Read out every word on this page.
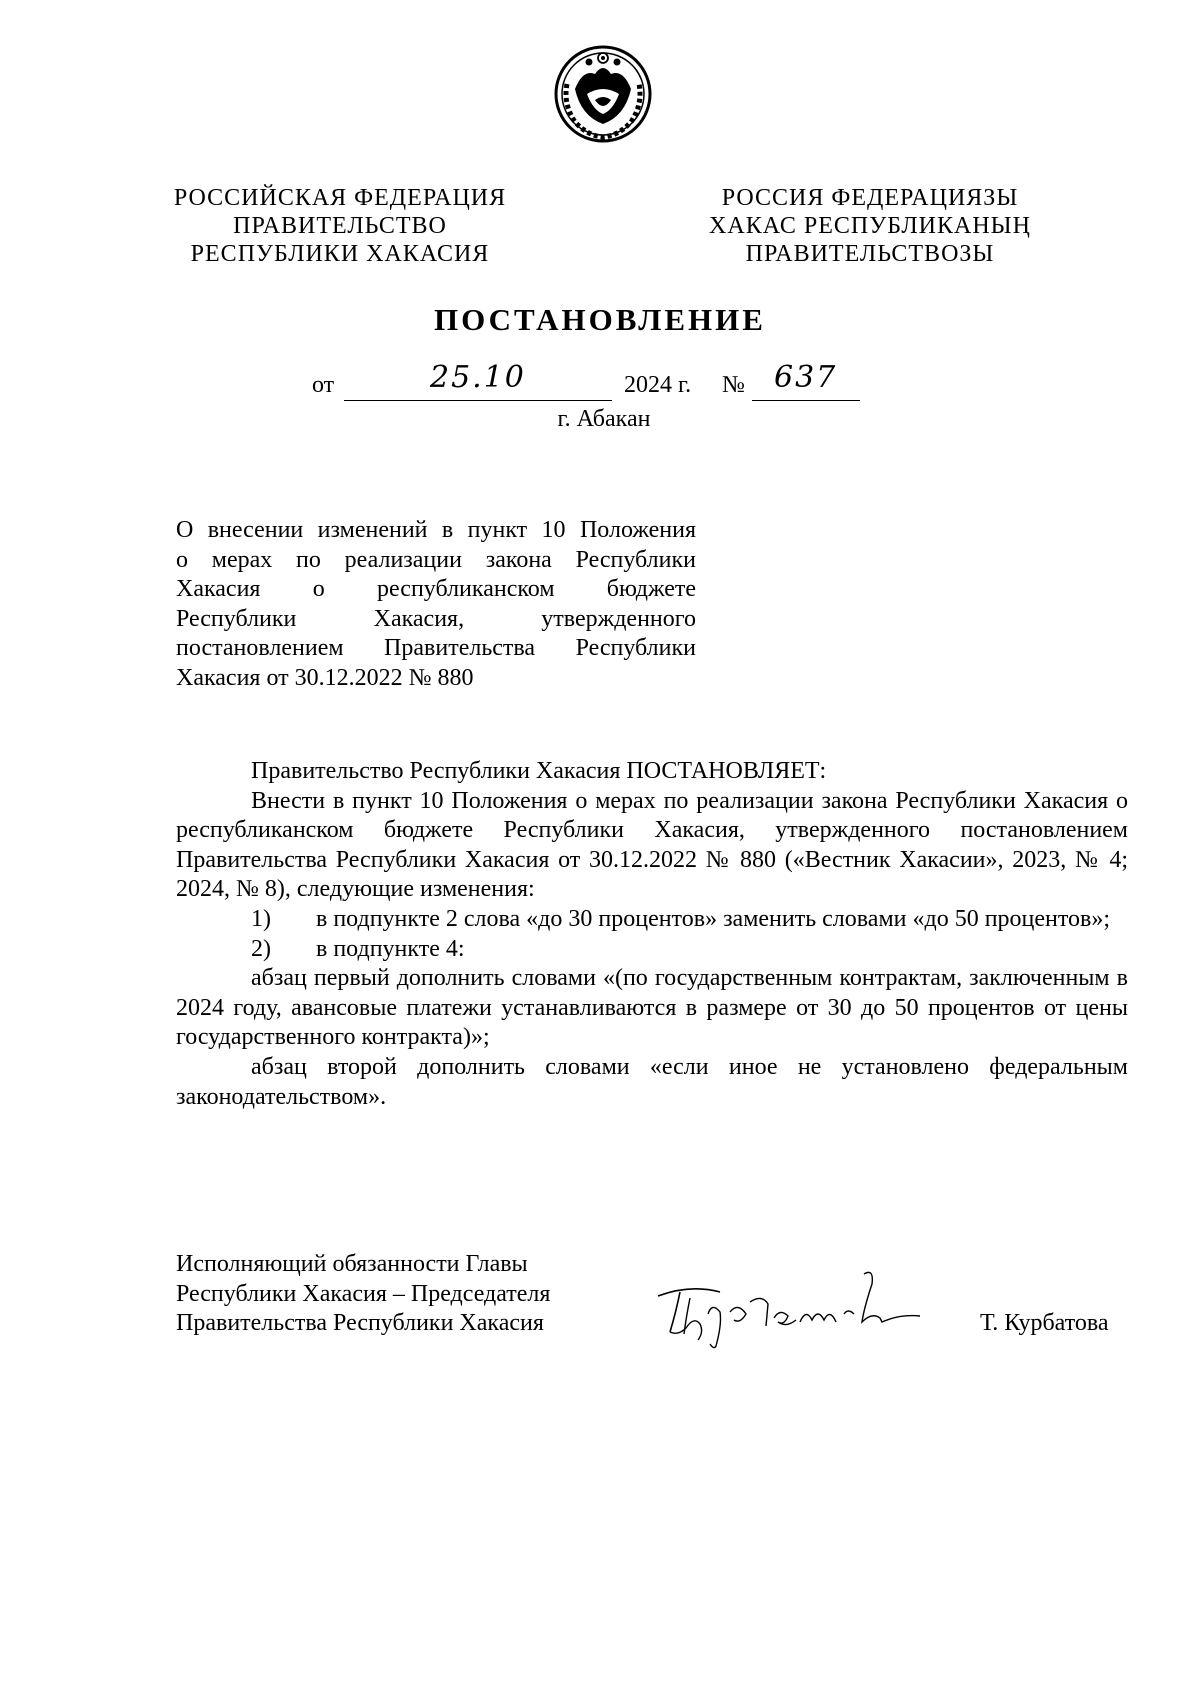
РОССИЙСКАЯ ФЕДЕРАЦИЯ
ПРАВИТЕЛЬСТВО
РЕСПУБЛИКИ ХАКАСИЯ
РОССИЯ ФЕДЕРАЦИЯЗЫ
ХАКАС РЕСПУБЛИКАНЫҢ
ПРАВИТЕЛЬСТВОЗЫ
ПОСТАНОВЛЕНИЕ
от	25.10	2024 г. № 637
г. Абакан

О внесении изменений в пункт 10 Положения

о мерах по реализации закона Республики

Хакасия о республиканском бюджете

Республики Хакасия, утвержденного

постановлением Правительства Республики

Хакасия от 30.12.2022 № 880

Правительство Республики Хакасия ПОСТАНОВЛЯЕТ:

Внести в пункт 10 Положения о мерах по реализации закона Республики Хакасия о республиканском бюджете Республики Хакасия, утвержденного постановлением Правительства Республики Хакасия от 30.12.2022 № 880 («Вестник Хакасии», 2023, № 4; 2024, № 8), следующие изменения:

1) в подпункте 2 слова «до 30 процентов» заменить словами «до 50 процентов»;

2) в подпункте 4:

абзац первый дополнить словами «(по государственным контрактам, заключенным в 2024 году, авансовые платежи устанавливаются в размере от 30 до 50 процентов от цены государственного контракта)»;

абзац второй дополнить словами «если иное не установлено федеральным законодательством».

Исполняющий обязанности Главы
Республики Хакасия – Председателя
Правительства Республики Хакасия	Т. Курбатова
